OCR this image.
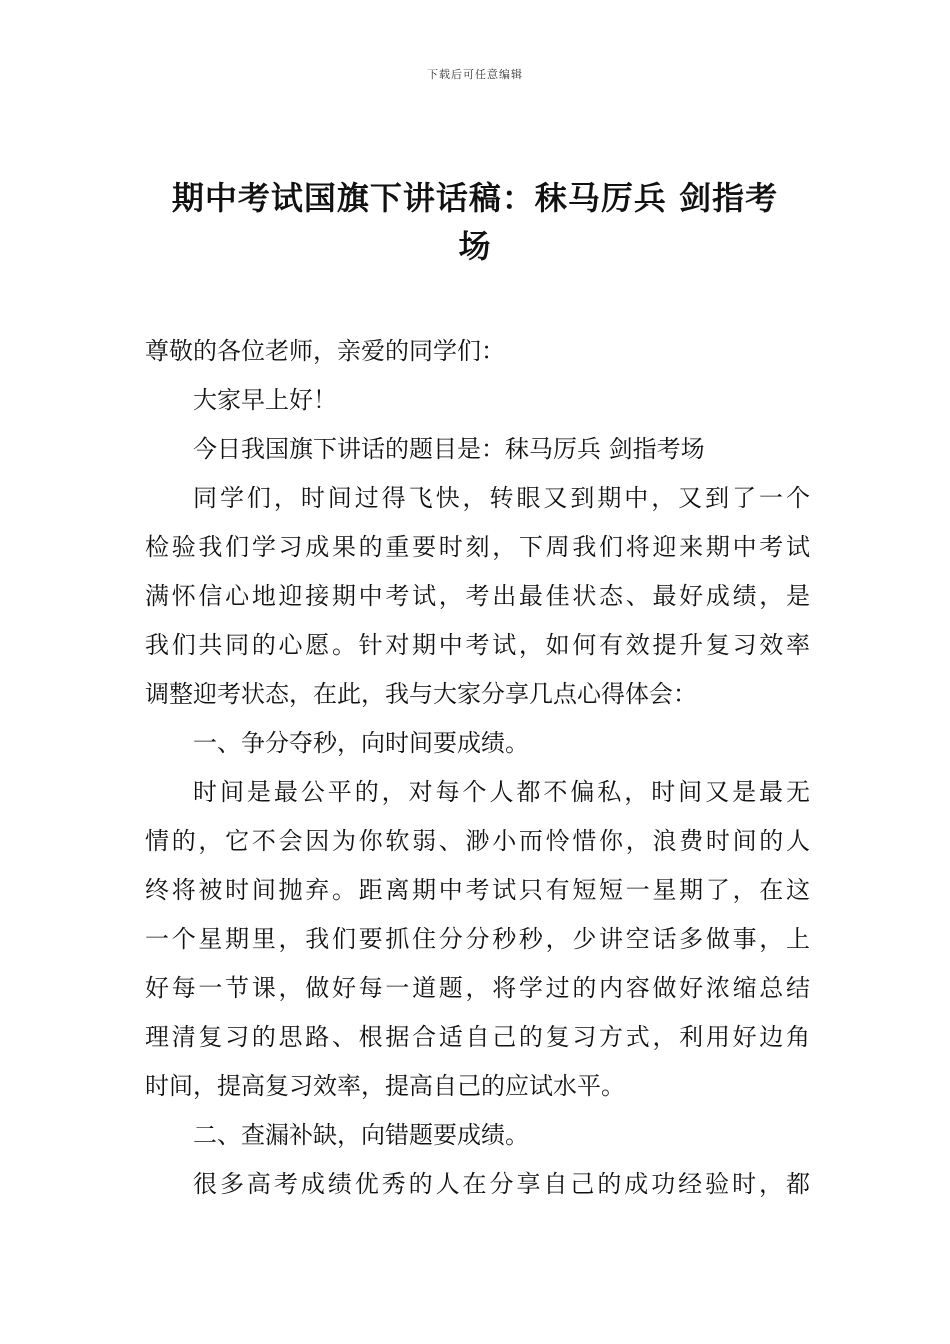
下载后可任意编辑
期中考试国旗下讲话稿：秣马厉兵 剑指考
场
尊敬的各位老师，亲爱的同学们：
大家早上好！
今日我国旗下讲话的题目是：秣马厉兵 剑指考场
同学们，时间过得飞快，转眼又到期中，又到了一个
检验我们学习成果的重要时刻，下周我们将迎来期中考试
满怀信心地迎接期中考试，考出最佳状态、最好成绩，是
我们共同的心愿。针对期中考试，如何有效提升复习效率
调整迎考状态，在此，我与大家分享几点心得体会：
一、争分夺秒，向时间要成绩。
时间是最公平的，对每个人都不偏私，时间又是最无
情的，它不会因为你软弱、渺小而怜惜你，浪费时间的人
终将被时间抛弃。距离期中考试只有短短一星期了，在这
一个星期里，我们要抓住分分秒秒，少讲空话多做事，上
好每一节课，做好每一道题，将学过的内容做好浓缩总结
理清复习的思路、根据合适自己的复习方式，利用好边角
时间，提高复习效率，提高自己的应试水平。
二、查漏补缺，向错题要成绩。
很多高考成绩优秀的人在分享自己的成功经验时，都
